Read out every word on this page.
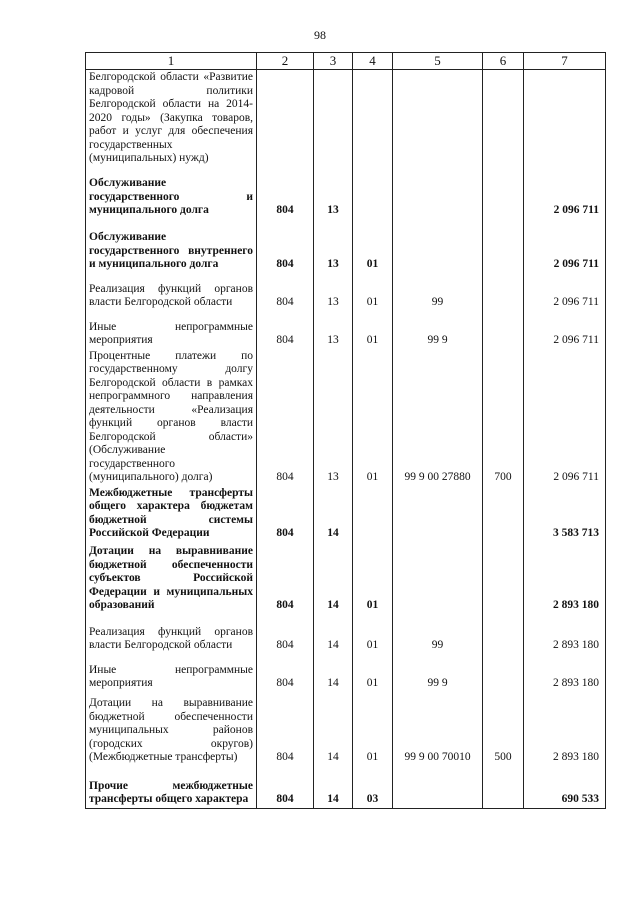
98
1	2	3	4	5	6	7
Белгородской области «Развитие кадровой политики Белгородской области на 2014-2020 годы» (Закупка товаров, работ и услуг для обеспечения государственных (муниципальных) нужд)						
Обслуживание государственного и муниципального долга	804	13				2 096 711
Обслуживание государственного внутреннего и муниципального долга	804	13	01			2 096 711
Реализация функций органов власти Белгородской области	804	13	01	99		2 096 711
Иные непрограммные мероприятия	804	13	01	99 9		2 096 711
Процентные платежи по государственному долгу Белгородской области в рамках непрограммного направления деятельности «Реализация функций органов власти Белгородской области» (Обслуживание государственного (муниципального) долга)	804	13	01	99 9 00 27880	700	2 096 711
Межбюджетные трансферты общего характера бюджетам бюджетной системы Российской Федерации	804	14				3 583 713
Дотации на выравнивание бюджетной обеспеченности субъектов Российской Федерации и муниципальных образований	804	14	01			2 893 180
Реализация функций органов власти Белгородской области	804	14	01	99		2 893 180
Иные непрограммные мероприятия	804	14	01	99 9		2 893 180
Дотации на выравнивание бюджетной обеспеченности муниципальных районов (городских округов) (Межбюджетные трансферты)	804	14	01	99 9 00 70010	500	2 893 180
Прочие межбюджетные трансферты общего характера	804	14	03			690 533
